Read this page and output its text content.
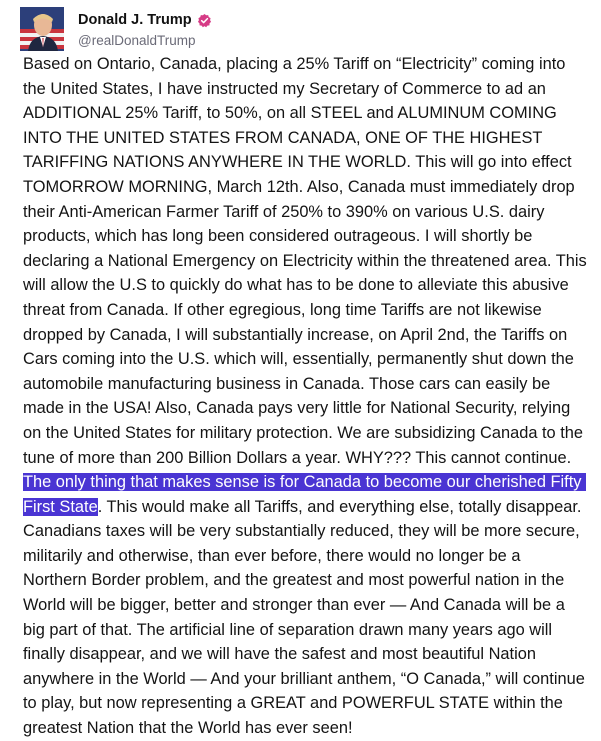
Donald J. Trump
@realDonaldTrump
Based on Ontario, Canada, placing a 25% Tariff on “Electricity” coming into the United States, I have instructed my Secretary of Commerce to ad an ADDITIONAL 25% Tariff, to 50%, on all STEEL and ALUMINUM COMING INTO THE UNITED STATES FROM CANADA, ONE OF THE HIGHEST TARIFFING NATIONS ANYWHERE IN THE WORLD. This will go into effect TOMORROW MORNING, March 12th. Also, Canada must immediately drop their Anti-American Farmer Tariff of 250% to 390% on various U.S. dairy products, which has long been considered outrageous. I will shortly be declaring a National Emergency on Electricity within the threatened area. This will allow the U.S to quickly do what has to be done to alleviate this abusive threat from Canada. If other egregious, long time Tariffs are not likewise dropped by Canada, I will substantially increase, on April 2nd, the Tariffs on Cars coming into the U.S. which will, essentially, permanently shut down the automobile manufacturing business in Canada. Those cars can easily be made in the USA! Also, Canada pays very little for National Security, relying on the United States for military protection. We are subsidizing Canada to the tune of more than 200 Billion Dollars a year. WHY??? This cannot continue. The only thing that makes sense is for Canada to become our cherished Fifty First State. This would make all Tariffs, and everything else, totally disappear. Canadians taxes will be very substantially reduced, they will be more secure, militarily and otherwise, than ever before, there would no longer be a Northern Border problem, and the greatest and most powerful nation in the World will be bigger, better and stronger than ever — And Canada will be a big part of that. The artificial line of separation drawn many years ago will finally disappear, and we will have the safest and most beautiful Nation anywhere in the World — And your brilliant anthem, “O Canada,” will continue to play, but now representing a GREAT and POWERFUL STATE within the greatest Nation that the World has ever seen!
